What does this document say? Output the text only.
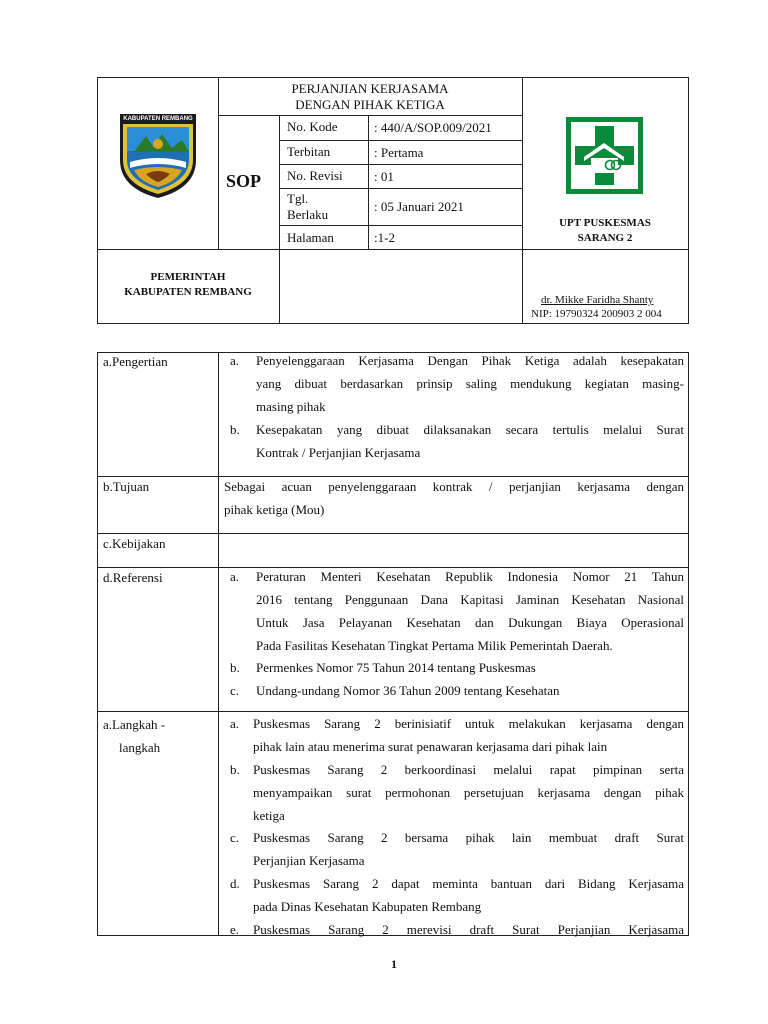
KABUPATEN REMBANG
PERJANJIAN KERJASAMA
DENGAN PIHAK KETIGA
SOP
No. Kode	: 440/A/SOP.009/2021
Terbitan	: Pertama
No. Revisi : 01
Tgl.
Berlaku
: 05 Januari 2021
Halaman	:1-2
UPT PUSKESMAS
SARANG 2
PEMERINTAH
KABUPATEN REMBANG
dr. Mikke Faridha Shanty
NIP: 19790324 200903 2 004
a.Pengertian	a. Penyelenggaraan Kerjasama Dengan Pihak Ketiga adalah kesepakatan
yang dibuat berdasarkan prinsip saling mendukung kegiatan masing-
masing pihak
b. Kesepakatan yang dibuat dilaksanakan secara tertulis melalui Surat
Kontrak / Perjanjian Kerjasama
b.Tujuan	Sebagai acuan penyelenggaraan kontrak / perjanjian kerjasama dengan
pihak ketiga (Mou)
c.Kebijakan
d.Referensi	a. Peraturan Menteri Kesehatan Republik Indonesia Nomor 21 Tahun
2016 tentang Penggunaan Dana Kapitasi Jaminan Kesehatan Nasional
Untuk Jasa Pelayanan Kesehatan dan Dukungan Biaya Operasional
Pada Fasilitas Kesehatan Tingkat Pertama Milik Pemerintah Daerah.
b. Permenkes Nomor 75 Tahun 2014 tentang Puskesmas
c. Undang-undang Nomor 36 Tahun 2009 tentang Kesehatan
a.Langkah -
langkah
a. Puskesmas Sarang 2 berinisiatif untuk melakukan kerjasama dengan
pihak lain atau menerima surat penawaran kerjasama dari pihak lain
b. Puskesmas Sarang 2 berkoordinasi melalui rapat pimpinan serta
menyampaikan surat permohonan persetujuan kerjasama dengan pihak
ketiga
c. Puskesmas Sarang 2 bersama pihak lain membuat draft Surat
Perjanjian Kerjasama
d. Puskesmas Sarang 2 dapat meminta bantuan dari Bidang Kerjasama
pada Dinas Kesehatan Kabupaten Rembang
e. Puskesmas Sarang 2 merevisi draft Surat Perjanjian Kerjasama
1
